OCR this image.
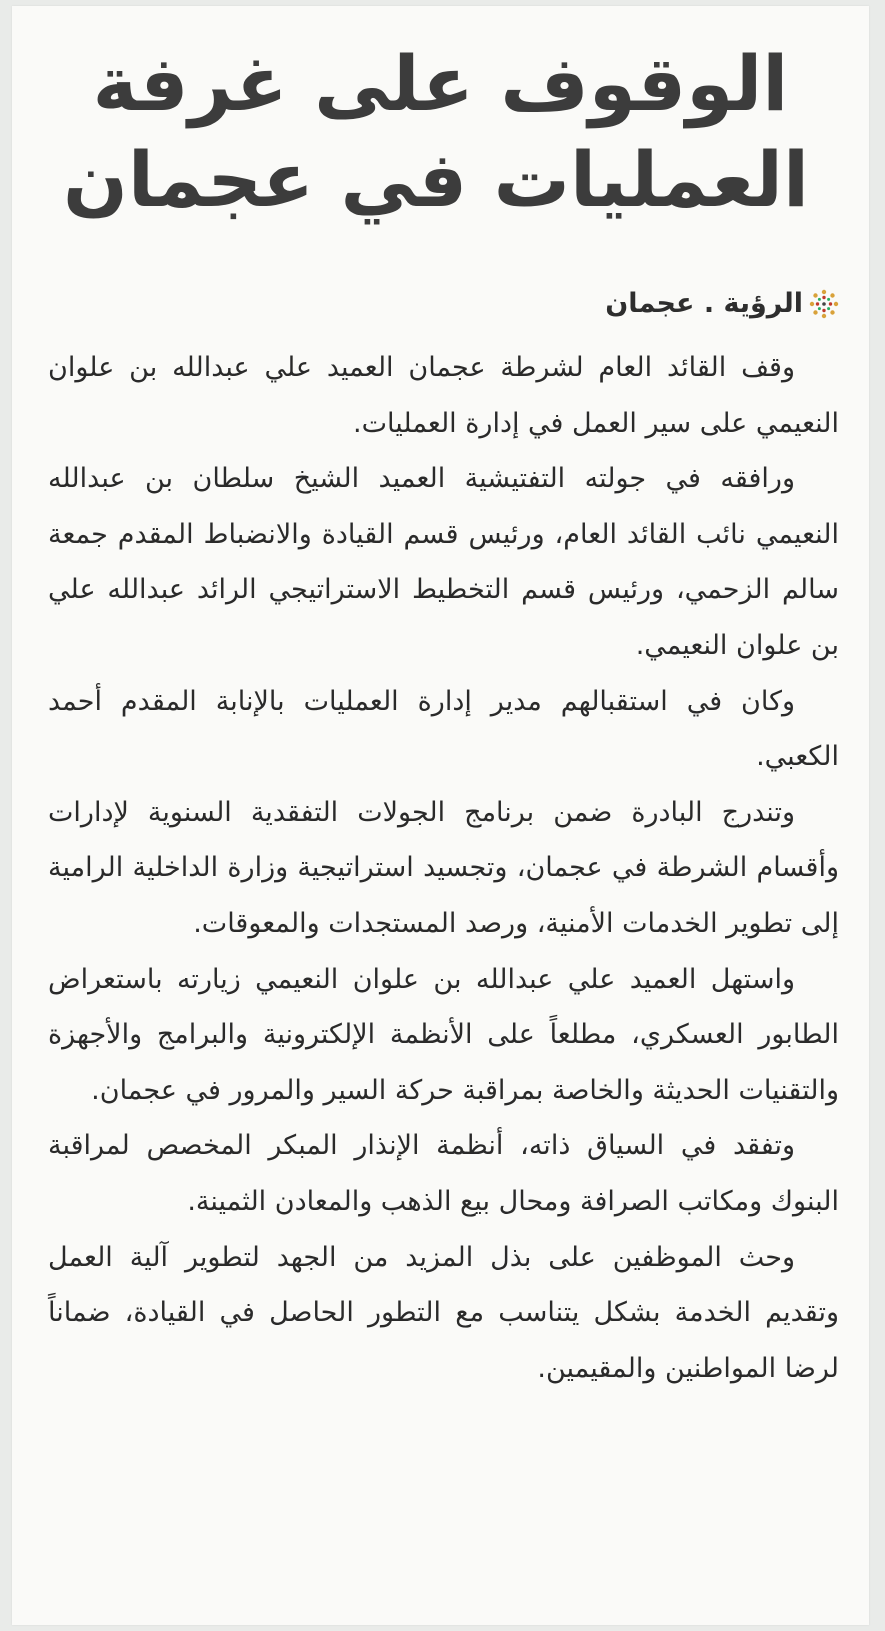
الوقوف على غرفة
العمليات في عجمان
الرؤية . عجمان

وقف القائد العام لشرطة عجمان العميد علي عبدالله بن علوان النعيمي على سير العمل في إدارة العمليات.

ورافقه في جولته التفتيشية العميد الشيخ سلطان بن عبدالله النعيمي نائب القائد العام، ورئيس قسم القيادة والانضباط المقدم جمعة سالم الزحمي، ورئيس قسم التخطيط الاستراتيجي الرائد عبدالله علي بن علوان النعيمي.

وكان في استقبالهم مدير إدارة العمليات بالإنابة المقدم أحمد الكعبي.

وتندرج البادرة ضمن برنامج الجولات التفقدية السنوية لإدارات وأقسام الشرطة في عجمان، وتجسيد استراتيجية وزارة الداخلية الرامية إلى تطوير الخدمات الأمنية، ورصد المستجدات والمعوقات.

واستهل العميد علي عبدالله بن علوان النعيمي زيارته باستعراض الطابور العسكري، مطلعاً على الأنظمة الإلكترونية والبرامج والأجهزة والتقنيات الحديثة والخاصة بمراقبة حركة السير والمرور في عجمان.

وتفقد في السياق ذاته، أنظمة الإنذار المبكر المخصص لمراقبة البنوك ومكاتب الصرافة ومحال بيع الذهب والمعادن الثمينة.

وحث الموظفين على بذل المزيد من الجهد لتطوير آلية العمل وتقديم الخدمة بشكل يتناسب مع التطور الحاصل في القيادة، ضماناً لرضا المواطنين والمقيمين.
